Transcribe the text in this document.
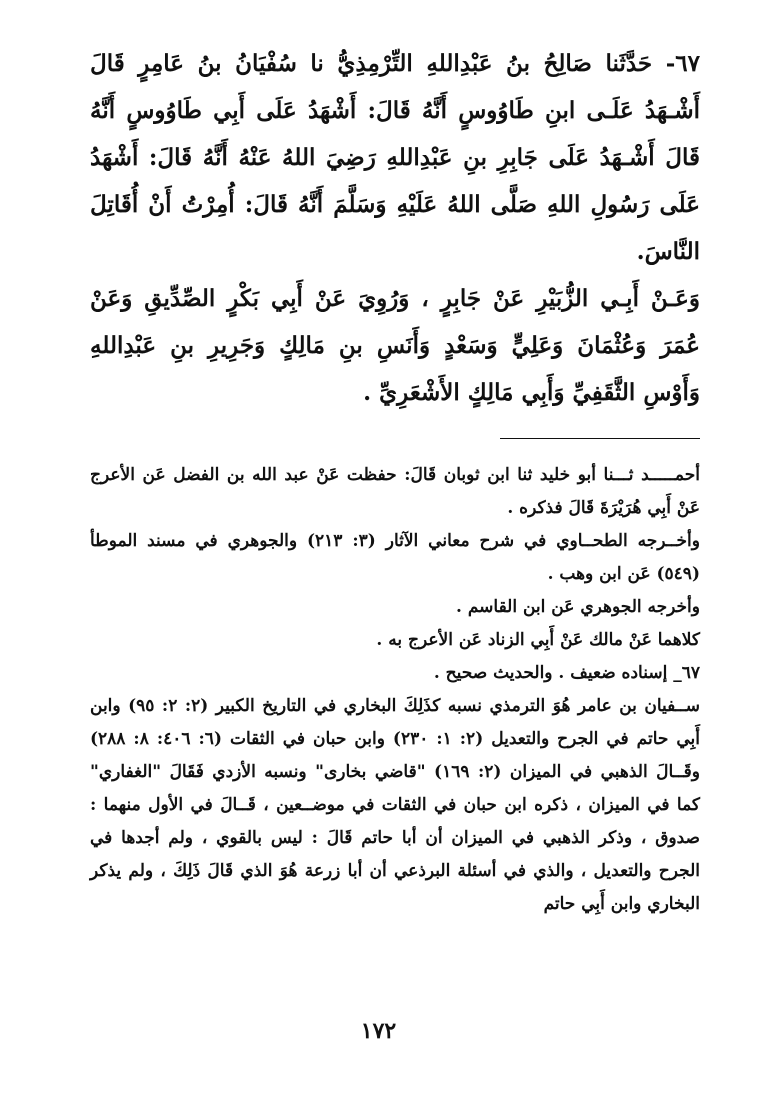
٦٧- حَدَّثَنا صَالِحُ بنُ عَبْدِاللهِ التِّرْمِذِيُّ نا سُفْيَانُ بنُ عَامِرٍ قَالَ أَشْـهَدُ عَلَـى ابنِ طَاوُوسٍ أَنَّهُ قَالَ: أَشْهَدُ عَلَى أَبِي طَاوُوسٍ أَنَّهُ قَالَ أَشْـهَدُ عَلَى جَابِرِ بنِ عَبْدِاللهِ رَضِيَ اللهُ عَنْهُ أَنَّهُ قَالَ: أَشْهَدُ عَلَى رَسُولِ اللهِ صَلَّى اللهُ عَلَيْهِ وَسَلَّمَ أَنَّهُ قَالَ: أُمِرْتُ أَنْ أُقَاتِلَ النَّاسَ.

وَعَـنْ أَبِـي الزُّبَيْرِ عَنْ جَابِرٍ ، وَرُوِيَ عَنْ أَبِي بَكْرٍ الصِّدِّيقِ وَعَنْ عُمَرَ وَعُثْمَانَ وَعَلِيٍّ وَسَعْدٍ وَأَنَسِ بنِ مَالِكٍ وَجَرِيرِ بنِ عَبْدِاللهِ وَأَوْسِ الثَّقَفِيِّ وَأَبِي مَالِكٍ الأَشْعَرِيِّ .

أحمـــــد ثـــنا أبو خليد ثنا ابن ثوبان قَالَ: حفظت عَنْ عبد الله بن الفضل عَن الأعرج عَنْ أَبِي هُرَيْرَةَ قَالَ فذكره .

وأخــرجه الطحــاوي في شرح معاني الآثار (٣: ٢١٣) والجوهري في مسند الموطأ (٥٤٩) عَن ابن وهب .

وأخرجه الجوهري عَن ابن القاسم .

كلاهما عَنْ مالك عَنْ أَبِي الزناد عَن الأعرج به .

٦٧_ إسناده ضعيف . والحديث صحيح .

ســفيان بن عامر هُوَ الترمذي نسبه كذَلِكَ البخاري في التاريخ الكبير (٢: ٢: ٩٥) وابن أَبِي حاتم في الجرح والتعديل (٢: ١: ٢٣٠) وابن حبان في الثقات (٦: ٤٠٦: ٨: ٢٨٨) وقَــالَ الذهبي في الميزان (٢: ١٦٩) "قاضي بخارى" ونسبه الأزدي فَقَالَ "الغفاري" كما في الميزان ، ذكره ابن حبان في الثقات في موضــعين ، قَــالَ في الأول منهما : صدوق ، وذكر الذهبي في الميزان أن أبا حاتم قَالَ : ليس بالقوي ، ولم أجدها في الجرح والتعديل ، والذي في أسئلة البرذعي أن أبا زرعة هُوَ الذي قَالَ ذَلِكَ ، ولم يذكر البخاري وابن أَبِي حاتم

١٧٢
